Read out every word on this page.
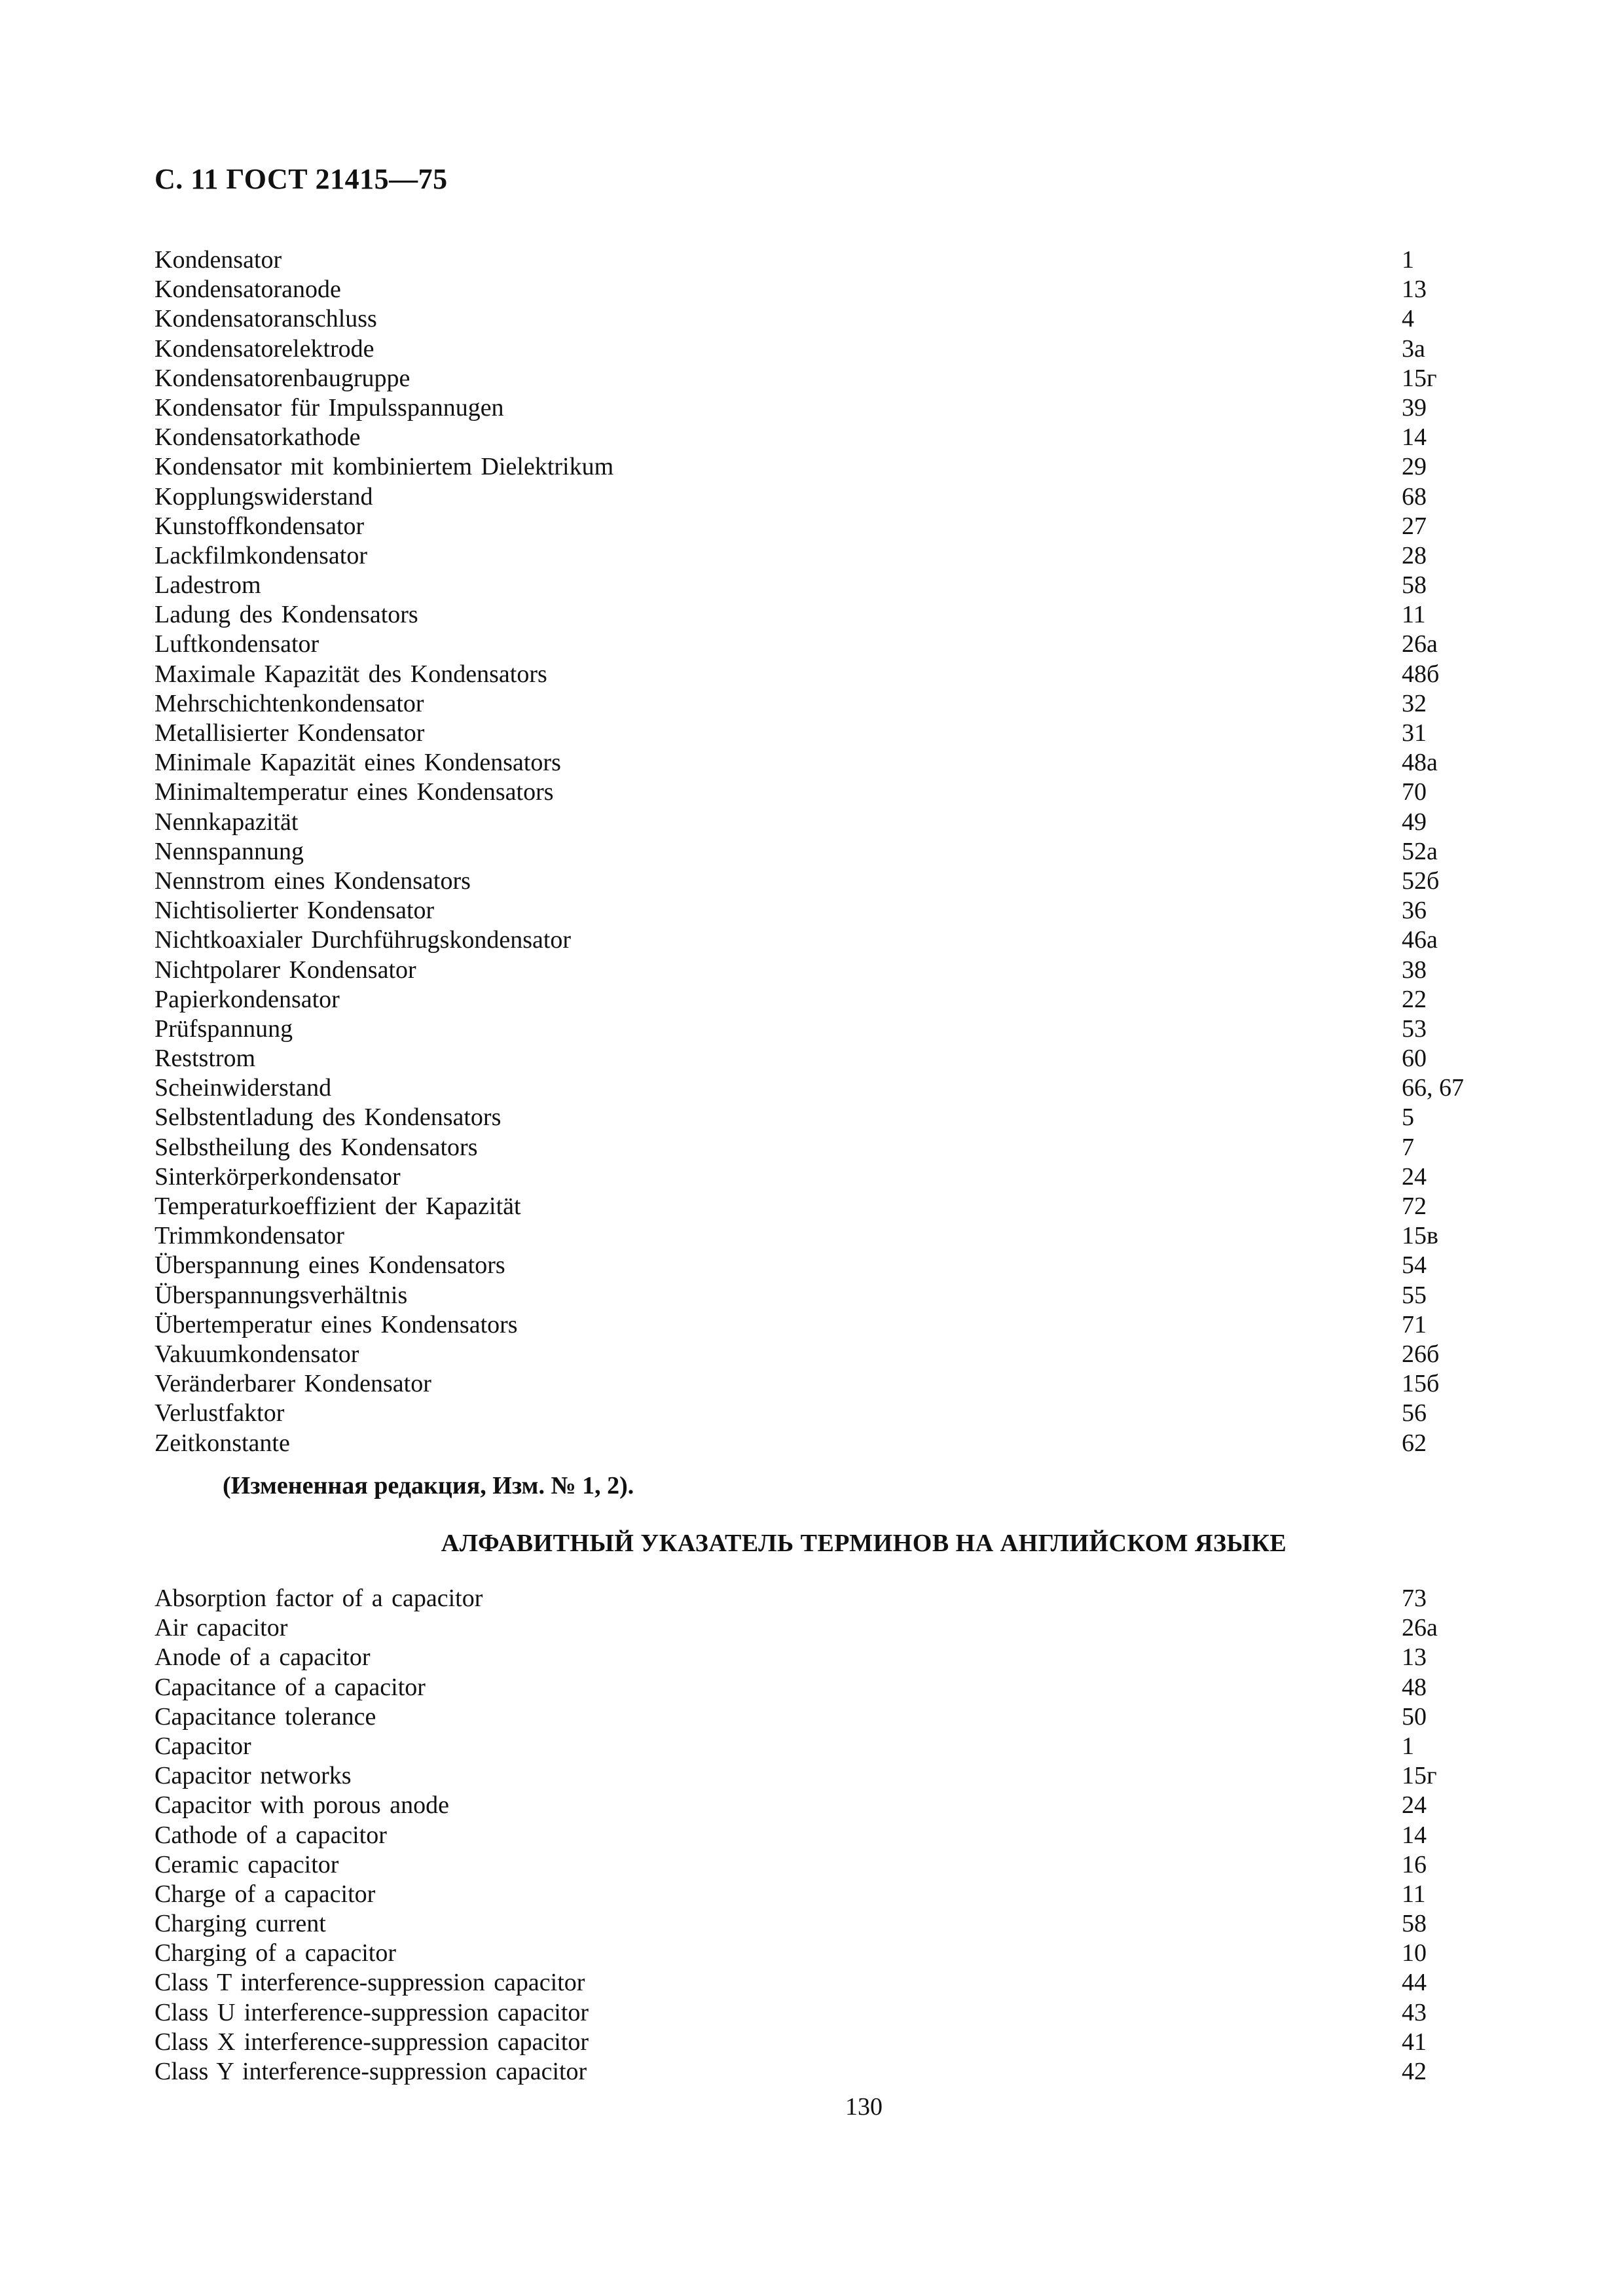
С. 11 ГОСТ 21415—75
Kondensator	1
Kondensatoranode	13
Kondensatoranschluss	4
Kondensatorelektrode	3а
Kondensatorenbaugruppe	15г
Kondensator für Impulsspannugen	39
Kondensatorkathode	14
Kondensator mit kombiniertem Dielektrikum	29
Kopplungswiderstand	68
Kunstoffkondensator	27
Lackfilmkondensator	28
Ladestrom	58
Ladung des Kondensators	11
Luftkondensator	26а
Maximale Kapazität des Kondensators	48б
Mehrschichtenkondensator	32
Metallisierter Kondensator	31
Minimale Kapazität eines Kondensators	48а
Minimaltemperatur eines Kondensators	70
Nennkapazität	49
Nennspannung	52а
Nennstrom eines Kondensators	52б
Nichtisolierter Kondensator	36
Nichtkoaxialer Durchführugskondensator	46а
Nichtpolarer Kondensator	38
Papierkondensator	22
Prüfspannung	53
Reststrom	60
Scheinwiderstand	66, 67
Selbstentladung des Kondensators	5
Selbstheilung des Kondensators	7
Sinterkörperkondensator	24
Temperaturkoeffizient der Kapazität	72
Trimmkondensator	15в
Überspannung eines Kondensators	54
Überspannungsverhältnis	55
Übertemperatur eines Kondensators	71
Vakuumkondensator	26б
Veränderbarer Kondensator	15б
Verlustfaktor	56
Zeitkonstante	62
(Измененная редакция, Изм. № 1, 2).
АЛФАВИТНЫЙ УКАЗАТЕЛЬ ТЕРМИНОВ НА АНГЛИЙСКОМ ЯЗЫКЕ
Absorption factor of a capacitor	73
Air capacitor	26а
Anode of a capacitor	13
Capacitance of a capacitor	48
Capacitance tolerance	50
Capacitor	1
Capacitor networks	15г
Capacitor with porous anode	24
Cathode of a capacitor	14
Ceramic capacitor	16
Charge of a capacitor	11
Charging current	58
Charging of a capacitor	10
Class T interference-suppression capacitor	44
Class U interference-suppression capacitor	43
Class X interference-suppression capacitor	41
Class Y interference-suppression capacitor	42
130
